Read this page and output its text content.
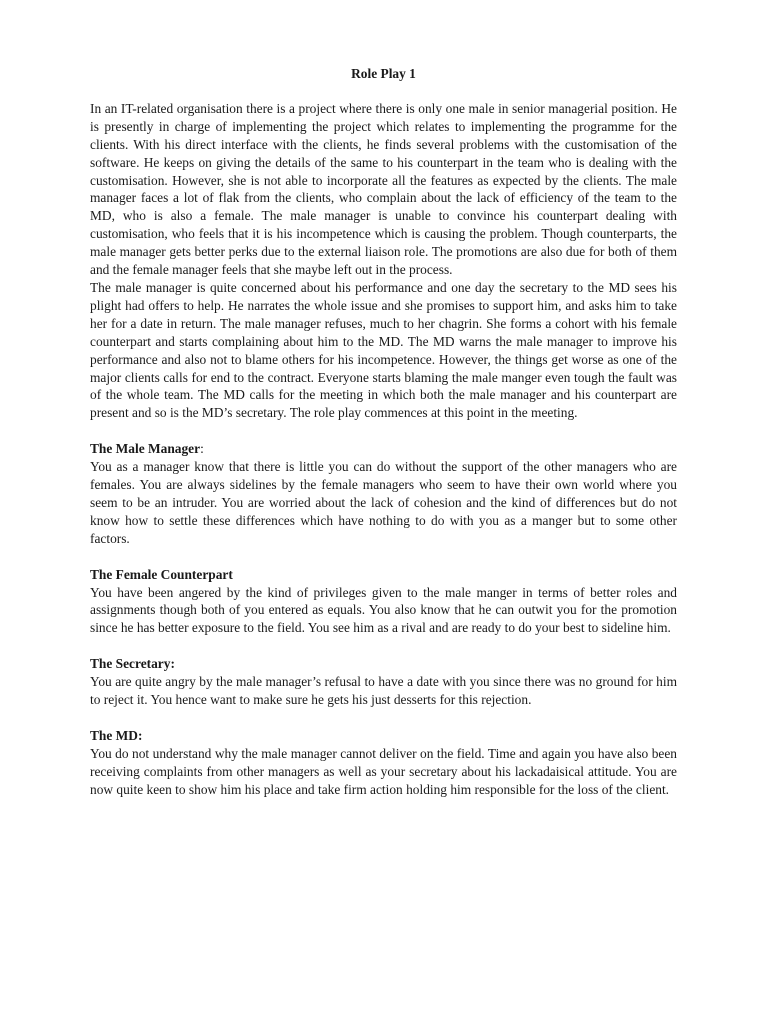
Role Play 1

In an IT-related organisation there is a project where there is only one male in senior managerial position. He is presently in charge of implementing the project which relates to implementing the programme for the clients. With his direct interface with the clients, he finds several problems with the customisation of the software. He keeps on giving the details of the same to his counterpart in the team who is dealing with the customisation. However, she is not able to incorporate all the features as expected by the clients. The male manager faces a lot of flak from the clients, who complain about the lack of efficiency of the team to the MD, who is also a female. The male manager is unable to convince his counterpart dealing with customisation, who feels that it is his incompetence which is causing the problem. Though counterparts, the male manager gets better perks due to the external liaison role. The promotions are also due for both of them and the female manager feels that she maybe left out in the process.

The male manager is quite concerned about his performance and one day the secretary to the MD sees his plight had offers to help. He narrates the whole issue and she promises to support him, and asks him to take her for a date in return. The male manager refuses, much to her chagrin. She forms a cohort with his female counterpart and starts complaining about him to the MD. The MD warns the male manager to improve his performance and also not to blame others for his incompetence. However, the things get worse as one of the major clients calls for end to the contract. Everyone starts blaming the male manger even tough the fault was of the whole team. The MD calls for the meeting in which both the male manager and his counterpart are present and so is the MD’s secretary. The role play commences at this point in the meeting.

The Male Manager:

You as a manager know that there is little you can do without the support of the other managers who are females. You are always sidelines by the female managers who seem to have their own world where you seem to be an intruder. You are worried about the lack of cohesion and the kind of differences but do not know how to settle these differences which have nothing to do with you as a manger but to some other factors.

The Female Counterpart

You have been angered by the kind of privileges given to the male manger in terms of better roles and assignments though both of you entered as equals. You also know that he can outwit you for the promotion since he has better exposure to the field. You see him as a rival and are ready to do your best to sideline him.

The Secretary:

You are quite angry by the male manager’s refusal to have a date with you since there was no ground for him to reject it. You hence want to make sure he gets his just desserts for this rejection.

The MD:

You do not understand why the male manager cannot deliver on the field. Time and again you have also been receiving complaints from other managers as well as your secretary about his lackadaisical attitude. You are now quite keen to show him his place and take firm action holding him responsible for the loss of the client.
